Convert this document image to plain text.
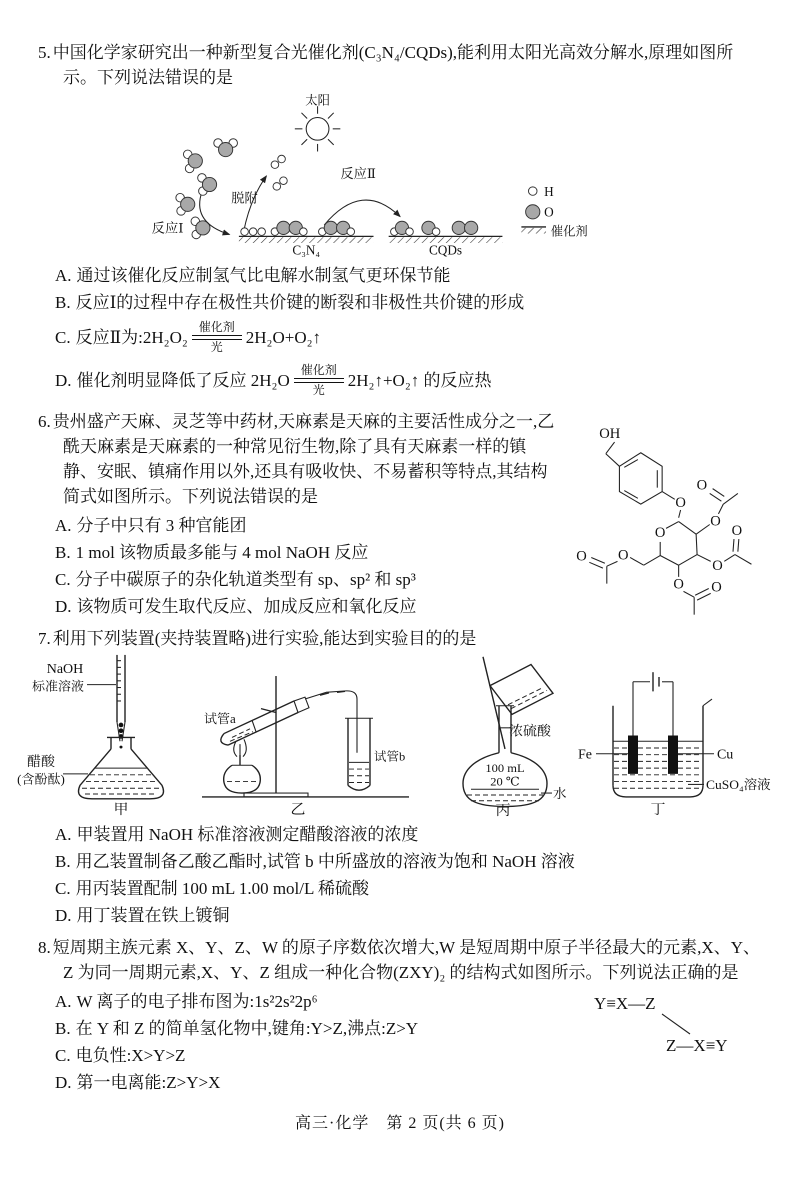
5. 中国化学家研究出一种新型复合光催化剂(C₃N₄/CQDs),能利用太阳光高效分解水,原理如图所示。下列说法错误的是

太阳
反应Ⅰ
脱附
反应Ⅱ
C₃N₄	CQDs
H
O
催化剂

A. 通过该催化反应制氢气比电解水制氢气更环保节能

B. 反应Ⅰ的过程中存在极性共价键的断裂和非极性共价键的形成

C. 反应Ⅱ为:2H₂O₂
催化剂
光
2H₂O+O₂↑

D. 催化剂明显降低了反应 2H₂O
催化剂
光
2H₂↑+O₂↑ 的反应热

6. 贵州盛产天麻、灵芝等中药材,天麻素是天麻的主要活性成分之一,乙酰天麻素是天麻素的一种常见衍生物,除了具有天麻素一样的镇静、安眠、镇痛作用以外,还具有吸收快、不易蓄积等特点,其结构简式如图所示。下列说法错误的是

A. 分子中只有 3 种官能团

B. 1 mol 该物质最多能与 4 mol NaOH 反应

C. 分子中碳原子的杂化轨道类型有 sp、sp² 和 sp³

D. 该物质可发生取代反应、加成反应和氧化反应

OH
O
O
O
O
O
O
O O
O
O

7. 利用下列装置(夹持装置略)进行实验,能达到实验目的的是

NaOH
标准溶液
醋酸
(含酚酞)
甲
试管a
试管b
乙
浓硫酸
100 mL
20 ℃
水
丙
Fe	Cu
CuSO₄溶液
丁

A. 甲装置用 NaOH 标准溶液测定醋酸溶液的浓度

B. 用乙装置制备乙酸乙酯时,试管 b 中所盛放的溶液为饱和 NaOH 溶液

C. 用丙装置配制 100 mL 1.00 mol/L 稀硫酸

D. 用丁装置在铁上镀铜

8. 短周期主族元素 X、Y、Z、W 的原子序数依次增大,W 是短周期中原子半径最大的元素,X、Y、Z 为同一周期元素,X、Y、Z 组成一种化合物(ZXY)₂ 的结构式如图所示。下列说法正确的是

A. W 离子的电子排布图为:1s²2s²2p⁶

B. 在 Y 和 Z 的简单氢化物中,键角:Y>Z,沸点:Z>Y

C. 电负性:X>Y>Z

D. 第一电离能:Z>Y>X

Y≡X—Z
Z—X≡Y
高三·化学　第 2 页(共 6 页)
